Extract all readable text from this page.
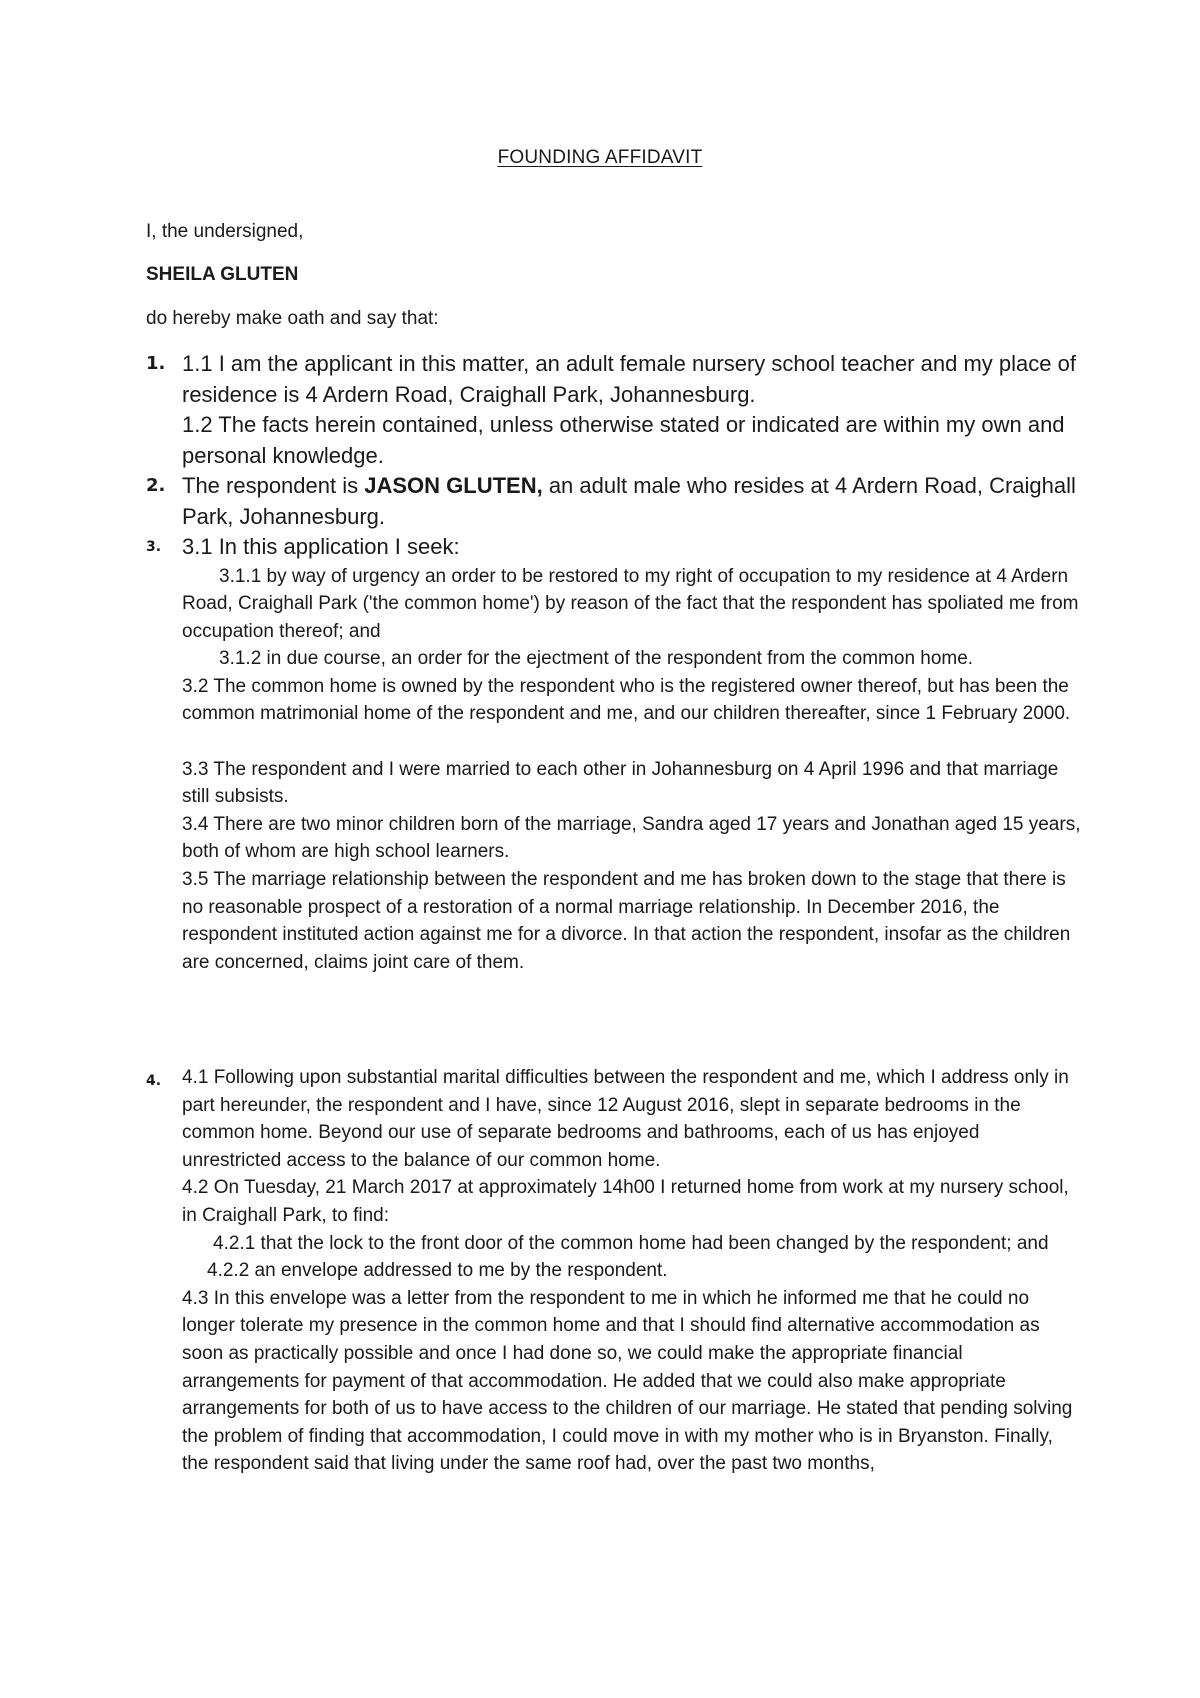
FOUNDING AFFIDAVIT
I, the undersigned,
SHEILA GLUTEN
do hereby make oath and say that:
1. 1.1 I am the applicant in this matter, an adult female nursery school teacher and my place of residence is 4 Ardern Road, Craighall Park, Johannesburg.

1.2 The facts herein contained, unless otherwise stated or indicated are within my own and personal knowledge.

2. The respondent is JASON GLUTEN, an adult male who resides at 4 Ardern Road, Craighall Park, Johannesburg.

3. 3.1 In this application I seek:

3.1.1 by way of urgency an order to be restored to my right of occupation to my residence at 4 Ardern Road, Craighall Park ('the common home') by reason of the fact that the respondent has spoliated me from occupation thereof; and

3.1.2 in due course, an order for the ejectment of the respondent from the common home.

3.2 The common home is owned by the respondent who is the registered owner thereof, but has been the common matrimonial home of the respondent and me, and our children thereafter, since 1 February 2000.

3.3 The respondent and I were married to each other in Johannesburg on 4 April 1996 and that marriage still subsists.

3.4 There are two minor children born of the marriage, Sandra aged 17 years and Jonathan aged 15 years, both of whom are high school learners.

3.5 The marriage relationship between the respondent and me has broken down to the stage that there is no reasonable prospect of a restoration of a normal marriage relationship. In December 2016, the respondent instituted action against me for a divorce. In that action the respondent, insofar as the children are concerned, claims joint care of them.

4. 4.1 Following upon substantial marital difficulties between the respondent and me, which I address only in part hereunder, the respondent and I have, since 12 August 2016, slept in separate bedrooms in the common home. Beyond our use of separate bedrooms and bathrooms, each of us has enjoyed unrestricted access to the balance of our common home.

4.2 On Tuesday, 21 March 2017 at approximately 14h00 I returned home from work at my nursery school, in Craighall Park, to find:

4.2.1 that the lock to the front door of the common home had been changed by the respondent; and

4.2.2 an envelope addressed to me by the respondent.

4.3 In this envelope was a letter from the respondent to me in which he informed me that he could no longer tolerate my presence in the common home and that I should find alternative accommodation as soon as practically possible and once I had done so, we could make the appropriate financial arrangements for payment of that accommodation. He added that we could also make appropriate arrangements for both of us to have access to the children of our marriage. He stated that pending solving the problem of finding that accommodation, I could move in with my mother who is in Bryanston. Finally, the respondent said that living under the same roof had, over the past two months,
